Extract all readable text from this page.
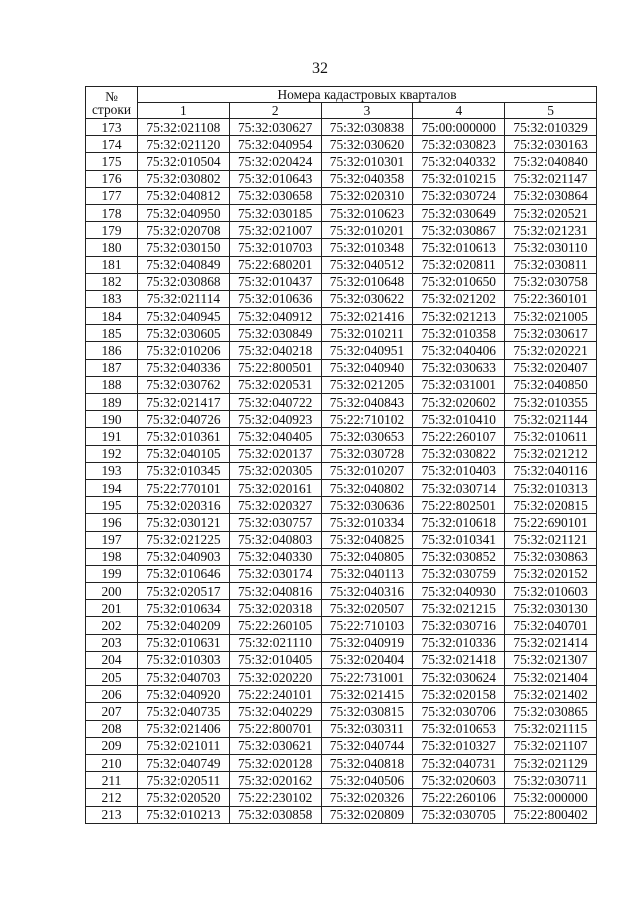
32
№
строки	Номера кадастровых кварталов				
	1	2	3	4	5
173	75:32:021108	75:32:030627	75:32:030838	75:00:000000	75:32:010329
174	75:32:021120	75:32:040954	75:32:030620	75:32:030823	75:32:030163
175	75:32:010504	75:32:020424	75:32:010301	75:32:040332	75:32:040840
176	75:32:030802	75:32:010643	75:32:040358	75:32:010215	75:32:021147
177	75:32:040812	75:32:030658	75:32:020310	75:32:030724	75:32:030864
178	75:32:040950	75:32:030185	75:32:010623	75:32:030649	75:32:020521
179	75:32:020708	75:32:021007	75:32:010201	75:32:030867	75:32:021231
180	75:32:030150	75:32:010703	75:32:010348	75:32:010613	75:32:030110
181	75:32:040849	75:22:680201	75:32:040512	75:32:020811	75:32:030811
182	75:32:030868	75:32:010437	75:32:010648	75:32:010650	75:32:030758
183	75:32:021114	75:32:010636	75:32:030622	75:32:021202	75:22:360101
184	75:32:040945	75:32:040912	75:32:021416	75:32:021213	75:32:021005
185	75:32:030605	75:32:030849	75:32:010211	75:32:010358	75:32:030617
186	75:32:010206	75:32:040218	75:32:040951	75:32:040406	75:32:020221
187	75:32:040336	75:22:800501	75:32:040940	75:32:030633	75:32:020407
188	75:32:030762	75:32:020531	75:32:021205	75:32:031001	75:32:040850
189	75:32:021417	75:32:040722	75:32:040843	75:32:020602	75:32:010355
190	75:32:040726	75:32:040923	75:22:710102	75:32:010410	75:32:021144
191	75:32:010361	75:32:040405	75:32:030653	75:22:260107	75:32:010611
192	75:32:040105	75:32:020137	75:32:030728	75:32:030822	75:32:021212
193	75:32:010345	75:32:020305	75:32:010207	75:32:010403	75:32:040116
194	75:22:770101	75:32:020161	75:32:040802	75:32:030714	75:32:010313
195	75:32:020316	75:32:020327	75:32:030636	75:22:802501	75:32:020815
196	75:32:030121	75:32:030757	75:32:010334	75:32:010618	75:22:690101
197	75:32:021225	75:32:040803	75:32:040825	75:32:010341	75:32:021121
198	75:32:040903	75:32:040330	75:32:040805	75:32:030852	75:32:030863
199	75:32:010646	75:32:030174	75:32:040113	75:32:030759	75:32:020152
200	75:32:020517	75:32:040816	75:32:040316	75:32:040930	75:32:010603
201	75:32:010634	75:32:020318	75:32:020507	75:32:021215	75:32:030130
202	75:32:040209	75:22:260105	75:22:710103	75:32:030716	75:32:040701
203	75:32:010631	75:32:021110	75:32:040919	75:32:010336	75:32:021414
204	75:32:010303	75:32:010405	75:32:020404	75:32:021418	75:32:021307
205	75:32:040703	75:32:020220	75:22:731001	75:32:030624	75:32:021404
206	75:32:040920	75:22:240101	75:32:021415	75:32:020158	75:32:021402
207	75:32:040735	75:32:040229	75:32:030815	75:32:030706	75:32:030865
208	75:32:021406	75:22:800701	75:32:030311	75:32:010653	75:32:021115
209	75:32:021011	75:32:030621	75:32:040744	75:32:010327	75:32:021107
210	75:32:040749	75:32:020128	75:32:040818	75:32:040731	75:32:021129
211	75:32:020511	75:32:020162	75:32:040506	75:32:020603	75:32:030711
212	75:32:020520	75:22:230102	75:32:020326	75:22:260106	75:32:000000
213	75:32:010213	75:32:030858	75:32:020809	75:32:030705	75:22:800402
